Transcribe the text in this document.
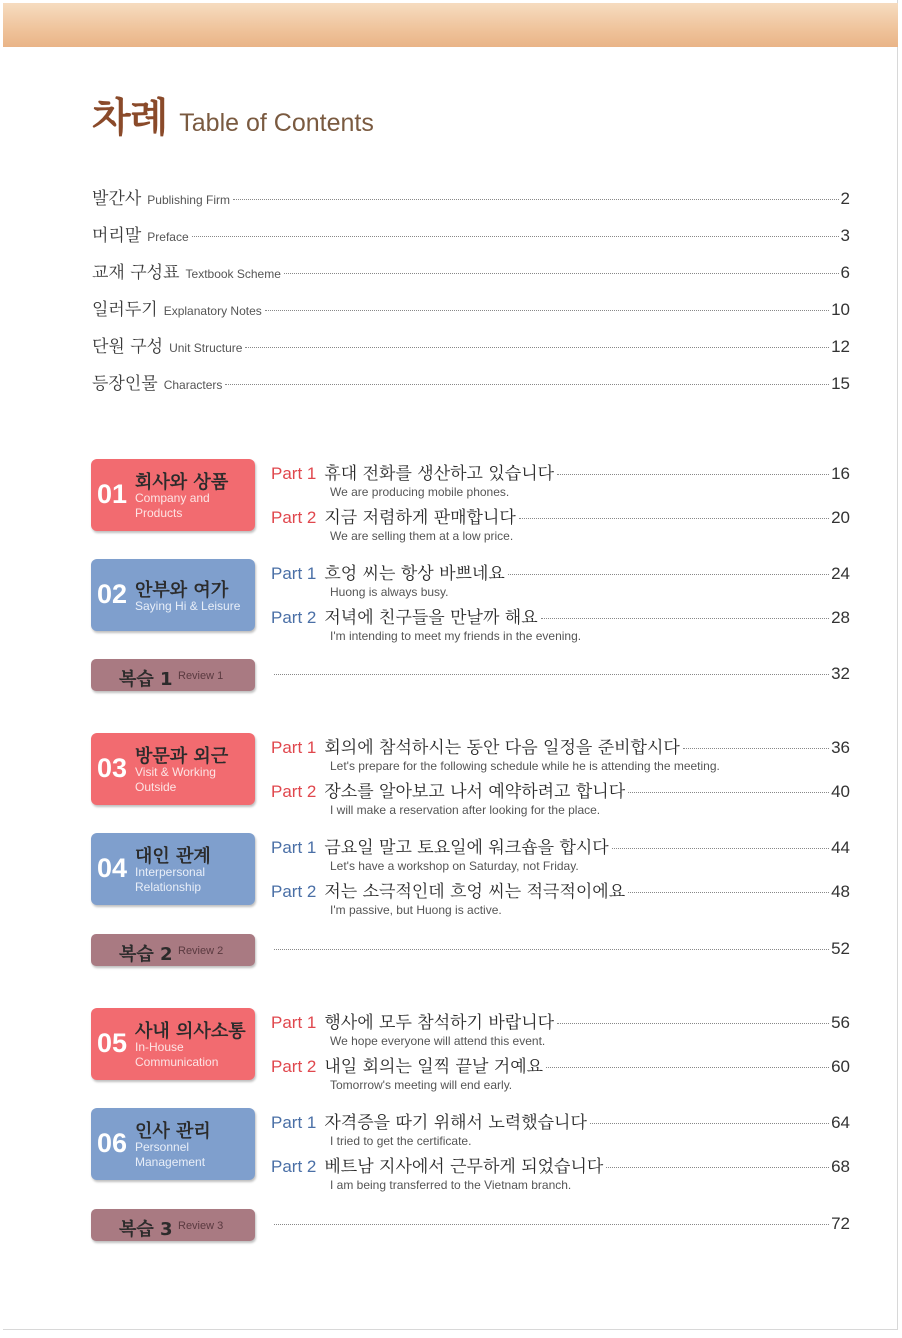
차례 Table of Contents
발간사 Publishing Firm	2
머리말 Preface	3
교재 구성표 Textbook Scheme	6
일러두기 Explanatory Notes	10
단원 구성 Unit Structure	12
등장인물 Characters	15
01 회사와 상품
Company and
Products
Part 1 휴대 전화를 생산하고 있습니다	16
We are producing mobile phones.
Part 2 지금 저렴하게 판매합니다	20
We are selling them at a low price.
02 안부와 여가
Saying Hi & Leisure
Part 1 흐엉 씨는 항상 바쁘네요	24
Huong is always busy.
Part 2 저녁에 친구들을 만날까 해요	28
I'm intending to meet my friends in the evening.
복습 1 Review 1	32
03 방문과 외근
Visit & Working
Outside
Part 1 회의에 참석하시는 동안 다음 일정을 준비합시다	36
Let's prepare for the following schedule while he is attending the meeting.
Part 2 장소를 알아보고 나서 예약하려고 합니다	40
I will make a reservation after looking for the place.
04 대인 관계
Interpersonal
Relationship
Part 1 금요일 말고 토요일에 워크숍을 합시다	44
Let's have a workshop on Saturday, not Friday.
Part 2 저는 소극적인데 흐엉 씨는 적극적이에요	48
I'm passive, but Huong is active.
복습 2 Review 2	52
05 사내 의사소통
In-House
Communication
Part 1 행사에 모두 참석하기 바랍니다	56
We hope everyone will attend this event.
Part 2 내일 회의는 일찍 끝날 거예요	60
Tomorrow's meeting will end early.
06 인사 관리
Personnel
Management
Part 1 자격증을 따기 위해서 노력했습니다	64
I tried to get the certificate.
Part 2 베트남 지사에서 근무하게 되었습니다	68
I am being transferred to the Vietnam branch.
복습 3 Review 3	72
